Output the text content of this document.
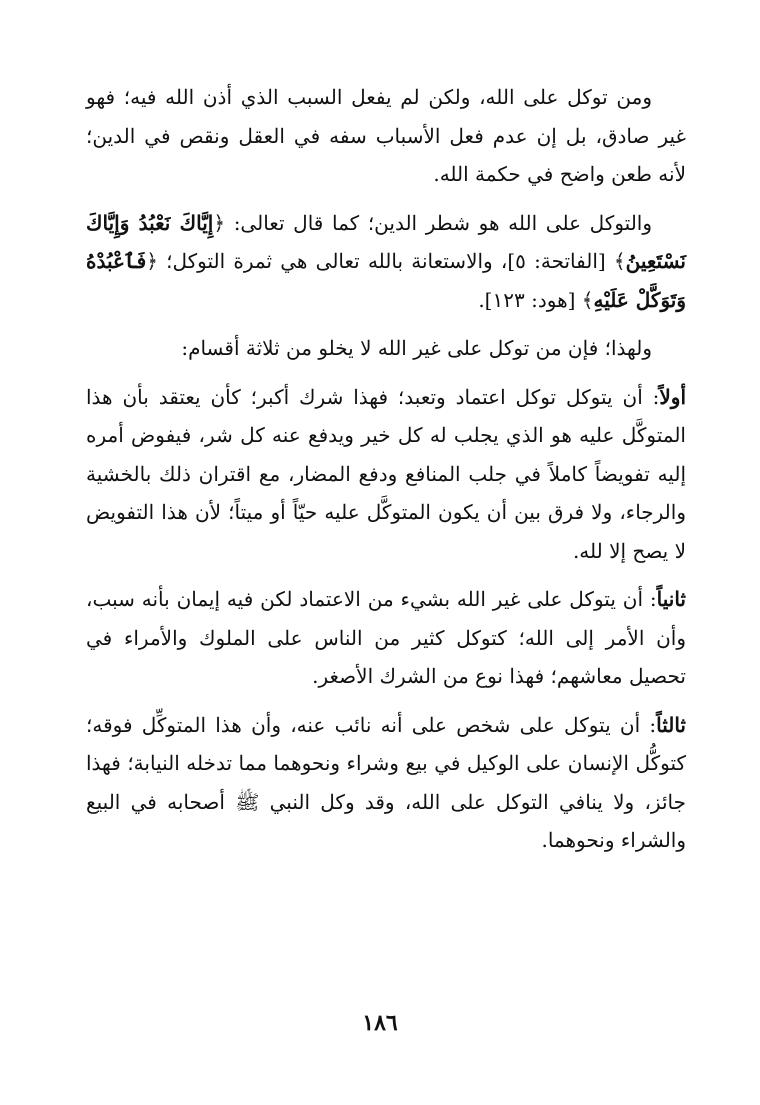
ومن توكل على الله، ولكن لم يفعل السبب الذي أذن الله فيه؛ فهو غير صادق، بل إن عدم فعل الأسباب سفه في العقل ونقص في الدين؛ لأنه طعن واضح في حكمة الله.

والتوكل على الله هو شطر الدين؛ كما قال تعالى: ﴿إِيَّاكَ نَعْبُدُ وَإِيَّاكَ نَسْتَعِينُ﴾ [الفاتحة: ٥]، والاستعانة بالله تعالى هي ثمرة التوكل؛ ﴿فَٱعْبُدْهُ وَتَوَكَّلْ عَلَيْهِ﴾ [هود: ١٢٣].

ولهذا؛ فإن من توكل على غير الله لا يخلو من ثلاثة أقسام:

أولاً: أن يتوكل توكل اعتماد وتعبد؛ فهذا شرك أكبر؛ كأن يعتقد بأن هذا المتوكَّل عليه هو الذي يجلب له كل خير ويدفع عنه كل شر، فيفوض أمره إليه تفويضاً كاملاً في جلب المنافع ودفع المضار، مع اقتران ذلك بالخشية والرجاء، ولا فرق بين أن يكون المتوكَّل عليه حيّاً أو ميتاً؛ لأن هذا التفويض لا يصح إلا لله.

ثانياً: أن يتوكل على غير الله بشيء من الاعتماد لكن فيه إيمان بأنه سبب، وأن الأمر إلى الله؛ كتوكل كثير من الناس على الملوك والأمراء في تحصيل معاشهم؛ فهذا نوع من الشرك الأصغر.

ثالثاً: أن يتوكل على شخص على أنه نائب عنه، وأن هذا المتوكِّل فوقه؛ كتوكُّل الإنسان على الوكيل في بيع وشراء ونحوهما مما تدخله النيابة؛ فهذا جائز، ولا ينافي التوكل على الله، وقد وكل النبي ﷺ أصحابه في البيع والشراء ونحوهما.

١٨٦
